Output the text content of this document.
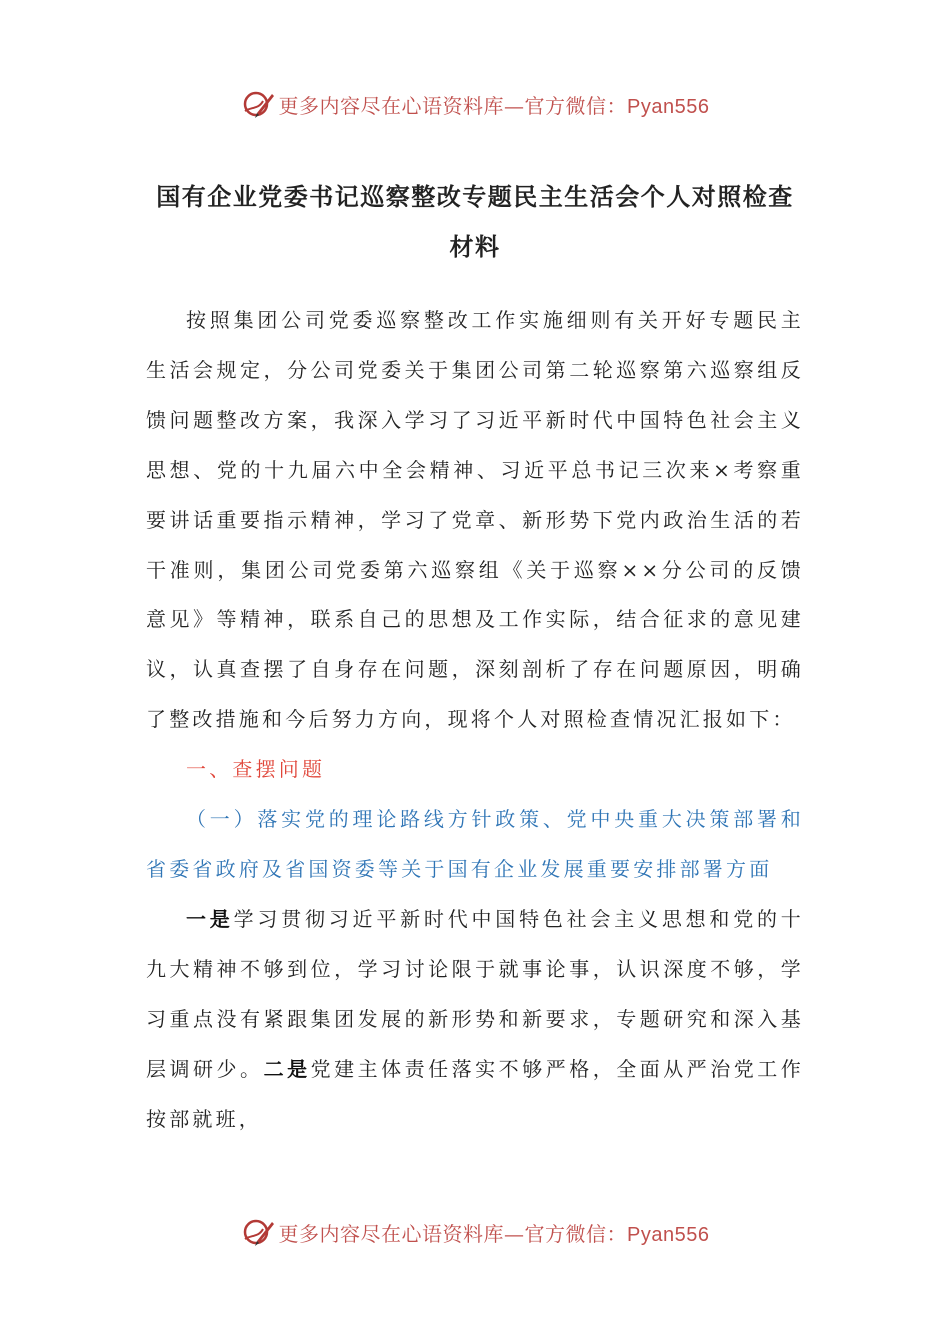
更多内容尽在心语资料库—官方微信：Pyan556
国有企业党委书记巡察整改专题民主生活会个人对照检查材料

按照集团公司党委巡察整改工作实施细则有关开好专题民主生活会规定，分公司党委关于集团公司第二轮巡察第六巡察组反馈问题整改方案，我深入学习了习近平新时代中国特色社会主义思想、党的十九届六中全会精神、习近平总书记三次来×考察重要讲话重要指示精神，学习了党章、新形势下党内政治生活的若干准则，集团公司党委第六巡察组《关于巡察××分公司的反馈意见》等精神，联系自己的思想及工作实际，结合征求的意见建议，认真查摆了自身存在问题，深刻剖析了存在问题原因，明确了整改措施和今后努力方向，现将个人对照检查情况汇报如下：

一、查摆问题

（一）落实党的理论路线方针政策、党中央重大决策部署和省委省政府及省国资委等关于国有企业发展重要安排部署方面

一是学习贯彻习近平新时代中国特色社会主义思想和党的十九大精神不够到位，学习讨论限于就事论事，认识深度不够，学习重点没有紧跟集团发展的新形势和新要求，专题研究和深入基层调研少。二是党建主体责任落实不够严格，全面从严治党工作按部就班，

更多内容尽在心语资料库—官方微信：Pyan556
